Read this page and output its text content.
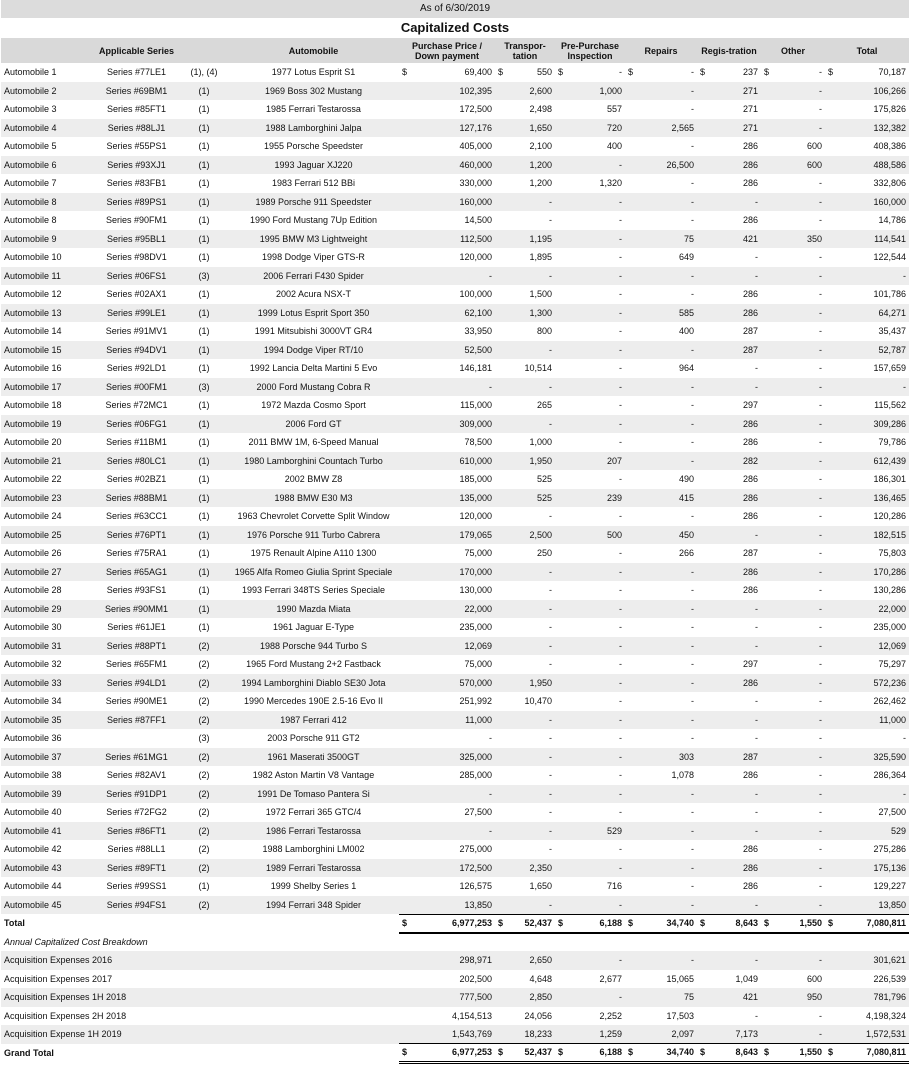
As of 6/30/2019
Capitalized Costs
	Applicable Series		Automobile	Purchase Price / Down payment	Transpor-tation	Pre-Purchase Inspection	Repairs	Regis-tration	Other	Total
Automobile 1	Series #77LE1	(1), (4)	1977 Lotus Esprit S1	$ 69,400	$ 550	$ -	$ -	$ 237	$ -	$ 70,187
Automobile 2	Series #69BM1	(1)	1969 Boss 302 Mustang	102,395	2,600	1,000	-	271	-	106,266
Automobile 3	Series #85FT1	(1)	1985 Ferrari Testarossa	172,500	2,498	557	-	271	-	175,826
Automobile 4	Series #88LJ1	(1)	1988 Lamborghini Jalpa	127,176	1,650	720	2,565	271	-	132,382
Automobile 5	Series #55PS1	(1)	1955 Porsche Speedster	405,000	2,100	400	-	286	600	408,386
Automobile 6	Series #93XJ1	(1)	1993 Jaguar XJ220	460,000	1,200	-	26,500	286	600	488,586
Automobile 7	Series #83FB1	(1)	1983 Ferrari 512 BBi	330,000	1,200	1,320	-	286	-	332,806
Automobile 8	Series #89PS1	(1)	1989 Porsche 911 Speedster	160,000	-	-	-	-	-	160,000
Automobile 8	Series #90FM1	(1)	1990 Ford Mustang 7Up Edition	14,500	-	-	-	286	-	14,786
Automobile 9	Series #95BL1	(1)	1995 BMW M3 Lightweight	112,500	1,195	-	75	421	350	114,541
Automobile 10	Series #98DV1	(1)	1998 Dodge Viper GTS-R	120,000	1,895	-	649	-	-	122,544
Automobile 11	Series #06FS1	(3)	2006 Ferrari F430 Spider	-	-	-	-	-	-	-
Automobile 12	Series #02AX1	(1)	2002 Acura NSX-T	100,000	1,500	-	-	286	-	101,786
Automobile 13	Series #99LE1	(1)	1999 Lotus Esprit Sport 350	62,100	1,300	-	585	286	-	64,271
Automobile 14	Series #91MV1	(1)	1991 Mitsubishi 3000VT GR4	33,950	800	-	400	287	-	35,437
Automobile 15	Series #94DV1	(1)	1994 Dodge Viper RT/10	52,500	-	-	-	287	-	52,787
Automobile 16	Series #92LD1	(1)	1992 Lancia Delta Martini 5 Evo	146,181	10,514	-	964	-	-	157,659
Automobile 17	Series #00FM1	(3)	2000 Ford Mustang Cobra R	-	-	-	-	-	-	-
Automobile 18	Series #72MC1	(1)	1972 Mazda Cosmo Sport	115,000	265	-	-	297	-	115,562
Automobile 19	Series #06FG1	(1)	2006 Ford GT	309,000	-	-	-	286	-	309,286
Automobile 20	Series #11BM1	(1)	2011 BMW 1M, 6-Speed Manual	78,500	1,000	-	-	286	-	79,786
Automobile 21	Series #80LC1	(1)	1980 Lamborghini Countach Turbo	610,000	1,950	207	-	282	-	612,439
Automobile 22	Series #02BZ1	(1)	2002 BMW Z8	185,000	525	-	490	286	-	186,301
Automobile 23	Series #88BM1	(1)	1988 BMW E30 M3	135,000	525	239	415	286	-	136,465
Automobile 24	Series #63CC1	(1)	1963 Chevrolet Corvette Split Window	120,000	-	-	-	286	-	120,286
Automobile 25	Series #76PT1	(1)	1976 Porsche 911 Turbo Cabrera	179,065	2,500	500	450	-	-	182,515
Automobile 26	Series #75RA1	(1)	1975 Renault Alpine A110 1300	75,000	250	-	266	287	-	75,803
Automobile 27	Series #65AG1	(1)	1965 Alfa Romeo Giulia Sprint Speciale	170,000	-	-	-	286	-	170,286
Automobile 28	Series #93FS1	(1)	1993 Ferrari 348TS Series Speciale	130,000	-	-	-	286	-	130,286
Automobile 29	Series #90MM1	(1)	1990 Mazda Miata	22,000	-	-	-	-	-	22,000
Automobile 30	Series #61JE1	(1)	1961 Jaguar E-Type	235,000	-	-	-	-	-	235,000
Automobile 31	Series #88PT1	(2)	1988 Porsche 944 Turbo S	12,069	-	-	-	-	-	12,069
Automobile 32	Series #65FM1	(2)	1965 Ford Mustang 2+2 Fastback	75,000	-	-	-	297	-	75,297
Automobile 33	Series #94LD1	(2)	1994 Lamborghini Diablo SE30 Jota	570,000	1,950	-	-	286	-	572,236
Automobile 34	Series #90ME1	(2)	1990 Mercedes 190E 2.5-16 Evo II	251,992	10,470	-	-	-	-	262,462
Automobile 35	Series #87FF1	(2)	1987 Ferrari 412	11,000	-	-	-	-	-	11,000
Automobile 36		(3)	2003 Porsche 911 GT2	-	-	-	-	-	-	-
Automobile 37	Series #61MG1	(2)	1961 Maserati 3500GT	325,000	-	-	303	287	-	325,590
Automobile 38	Series #82AV1	(2)	1982 Aston Martin V8 Vantage	285,000	-	-	1,078	286	-	286,364
Automobile 39	Series #91DP1	(2)	1991 De Tomaso Pantera Si	-	-	-	-	-	-	-
Automobile 40	Series #72FG2	(2)	1972 Ferrari 365 GTC/4	27,500	-	-	-	-	-	27,500
Automobile 41	Series #86FT1	(2)	1986 Ferrari Testarossa	-	-	529	-	-	-	529
Automobile 42	Series #88LL1	(2)	1988 Lamborghini LM002	275,000	-	-	-	286	-	275,286
Automobile 43	Series #89FT1	(2)	1989 Ferrari Testarossa	172,500	2,350	-	-	286	-	175,136
Automobile 44	Series #99SS1	(1)	1999 Shelby Series 1	126,575	1,650	716	-	286	-	129,227
Automobile 45	Series #94FS1	(2)	1994 Ferrari 348 Spider	13,850	-	-	-	-	-	13,850
Total				$ 6,977,253	$ 52,437	$ 6,188	$ 34,740	$ 8,643	$ 1,550	$ 7,080,811
Annual Capitalized Cost Breakdown										
Acquisition Expenses 2016				298,971	2,650	-	-	-	-	301,621
Acquisition Expenses 2017				202,500	4,648	2,677	15,065	1,049	600	226,539
Acquisition Expenses 1H 2018				777,500	2,850	-	75	421	950	781,796
Acquisition Expenses 2H 2018				4,154,513	24,056	2,252	17,503	-	-	4,198,324
Acquisition Expense 1H 2019				1,543,769	18,233	1,259	2,097	7,173	-	1,572,531
Grand Total				$ 6,977,253	$ 52,437	$ 6,188	$ 34,740	$ 8,643	$ 1,550	$ 7,080,811
